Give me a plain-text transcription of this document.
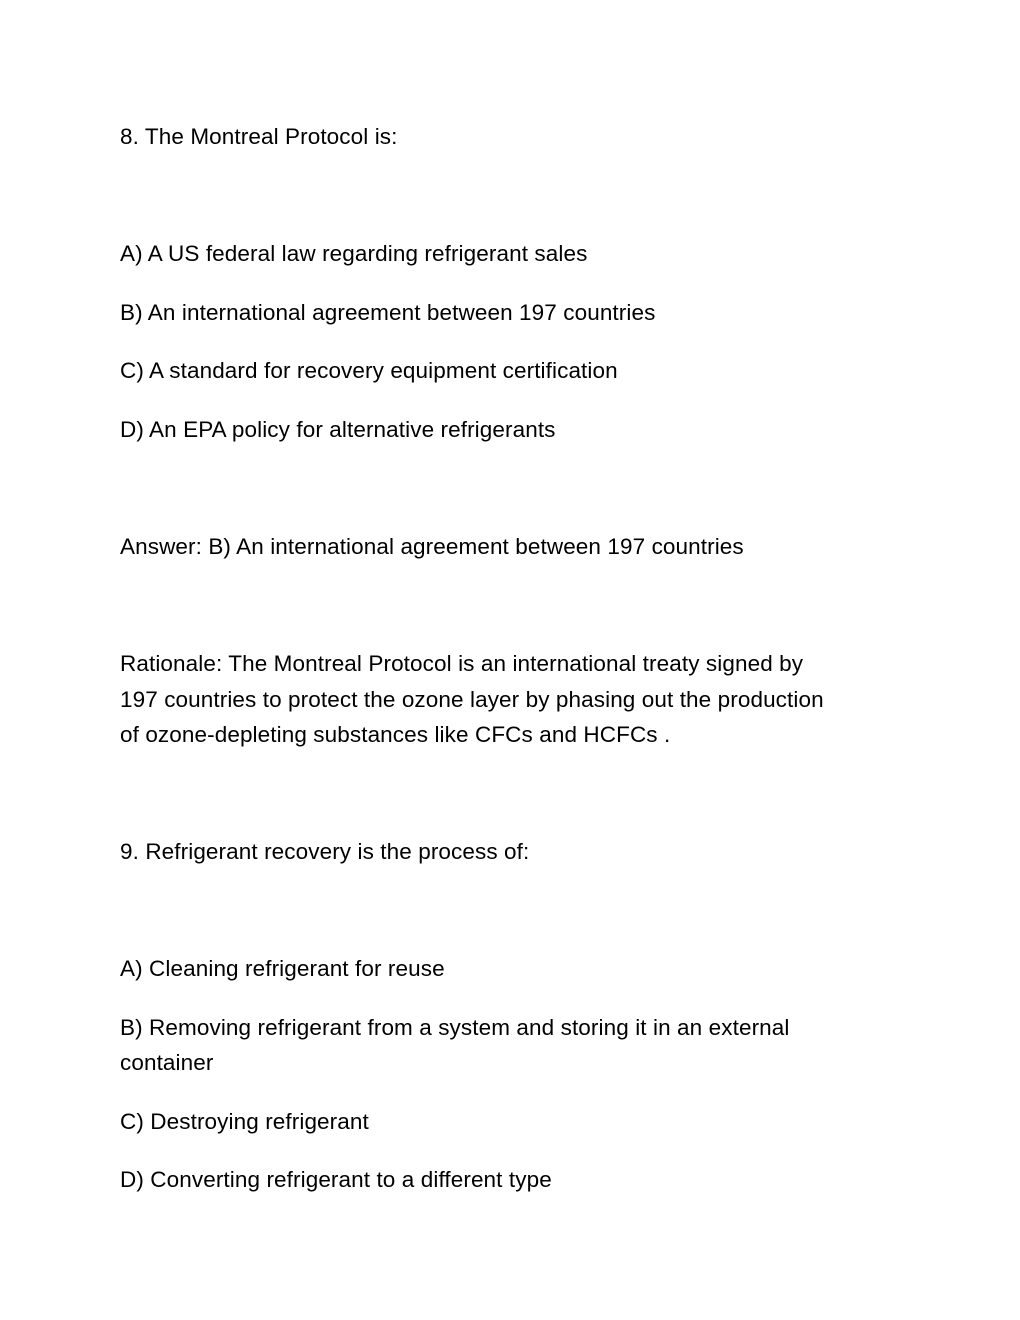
8. The Montreal Protocol is:
A) A US federal law regarding refrigerant sales
B) An international agreement between 197 countries
C) A standard for recovery equipment certification
D) An EPA policy for alternative refrigerants
Answer: B) An international agreement between 197 countries
Rationale: The Montreal Protocol is an international treaty signed by
197 countries to protect the ozone layer by phasing out the production
of ozone-depleting substances like CFCs and HCFCs .
9. Refrigerant recovery is the process of:
A) Cleaning refrigerant for reuse
B) Removing refrigerant from a system and storing it in an external
container
C) Destroying refrigerant
D) Converting refrigerant to a different type
